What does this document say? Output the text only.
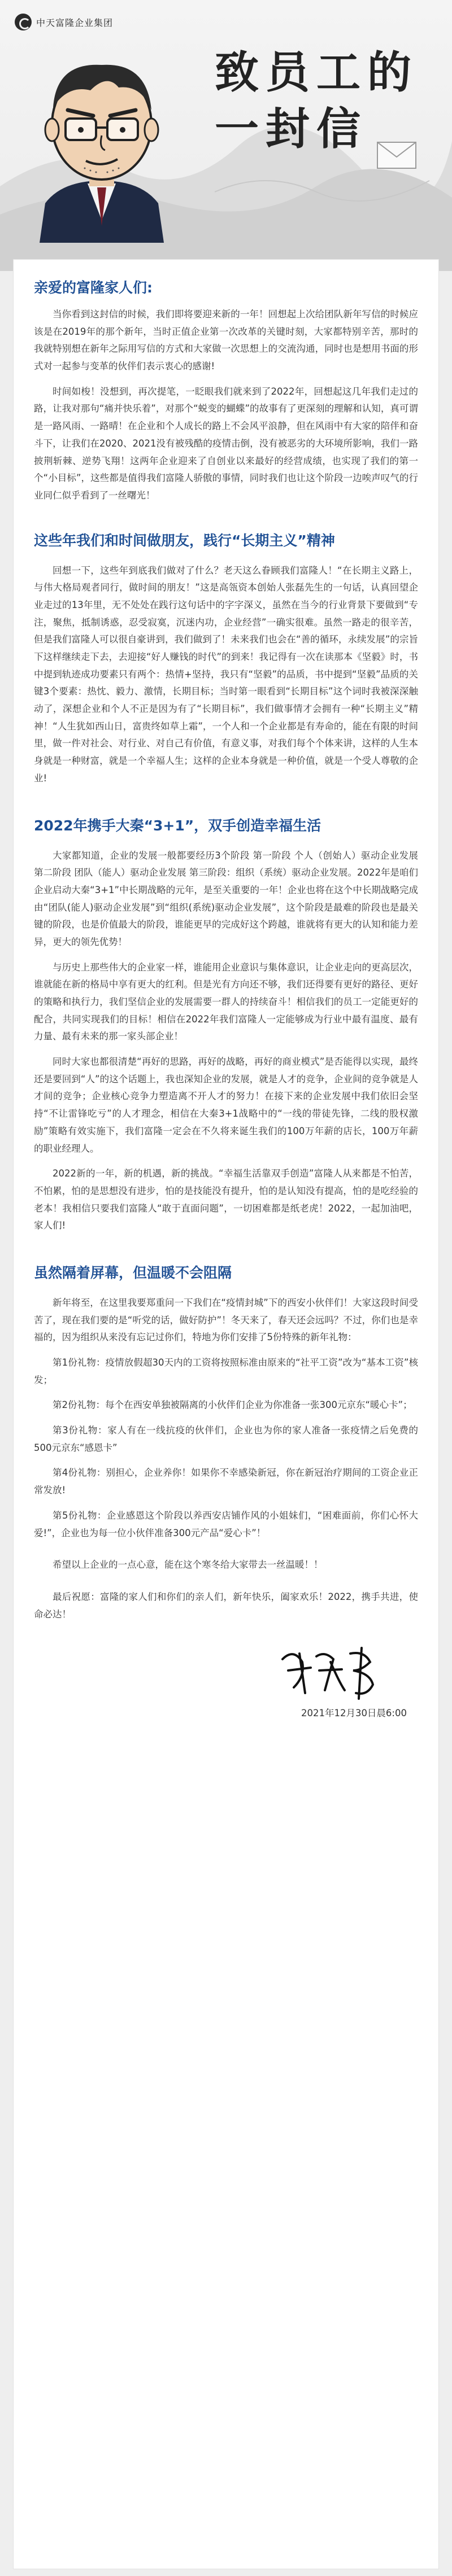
中天富隆企业集团
致员工的
一封信
亲爱的富隆家人们:

当你看到这封信的时候，我们即将要迎来新的一年！回想起上次给团队新年写信的时候应该是在2019年的那个新年，当时正值企业第一次改革的关键时刻，大家都特别辛苦，那时的我就特别想在新年之际用写信的方式和大家做一次思想上的交流沟通，同时也是想用书面的形式对一起参与变革的伙伴们表示衷心的感谢!

时间如梭！没想到，再次提笔，一眨眼我们就来到了2022年，回想起这几年我们走过的路，让我对那句“痛并快乐着”，对那个“蜕变的蝴蝶”的故事有了更深刻的理解和认知，真可谓是一路风雨、一路晴！在企业和个人成长的路上不会风平浪静，但在风雨中有大家的陪伴和奋斗下，让我们在2020、2021没有被残酷的疫情击倒，没有被恶劣的大环境所影响，我们一路披荆斩棘、逆势飞翔！这两年企业迎来了自创业以来最好的经营成绩，也实现了我们的第一个“小目标”，这些都是值得我们富隆人骄傲的事情，同时我们也让这个阶段一边唉声叹气的行业同仁似乎看到了一丝曙光！

这些年我们和时间做朋友，践行“长期主义”精神

回想一下，这些年到底我们做对了什么？老天这么眷顾我们富隆人！“在长期主义路上，与伟大格局观者同行，做时间的朋友！”这是高瓴资本创始人张磊先生的一句话，认真回望企业走过的13年里，无不处处在践行这句话中的字字深义，虽然在当今的行业背景下要做到“专注，聚焦，抵制诱惑，忍受寂寞，沉迷内功，企业经营”一确实很难。虽然一路走的很辛苦，但是我们富隆人可以很自豪讲到，我们做到了！未来我们也会在“善的循环，永续发展”的宗旨下这样继续走下去，去迎接“好人赚钱的时代”的到来！我记得有一次在读那本《坚毅》时，书中提到轨迹成功要素只有两个：热情+坚持，我只有“坚毅”的品质，书中提到“坚毅”品质的关键3个要素：热忱、毅力、激情，长期目标；当时第一眼看到“长期目标”这个词时我被深深触动了，深想企业和个人不正是因为有了“长期目标”，我们做事情才会拥有一种“长期主义”精神！“人生犹如西山日，富贵终如草上霜”，一个人和一个企业都是有寿命的，能在有限的时间里，做一件对社会、对行业、对自己有价值，有意义事，对我们每个个体来讲，这样的人生本身就是一种财富，就是一个幸福人生；这样的企业本身就是一种价值，就是一个受人尊敬的企业!

2022年携手大秦“3+1”，双手创造幸福生活

大家都知道，企业的发展一般都要经历3个阶段 第一阶段 个人（创始人）驱动企业发展 第二阶段 团队（能人）驱动企业发展 第三阶段：组织（系统）驱动企业发展。2022年是咱们企业启动大秦“3+1”中长期战略的元年，是至关重要的一年！企业也将在这个中长期战略完成 由“团队(能人)驱动企业发展”到“组织(系统)驱动企业发展”，这个阶段是最难的阶段也是最关键的阶段，也是价值最大的阶段，谁能更早的完成好这个跨越，谁就将有更大的认知和能力差异，更大的领先优势！

与历史上那些伟大的企业家一样，谁能用企业意识与集体意识，让企业走向的更高层次，谁就能在新的格局中享有更大的红利。但是光有方向还不够，我们还得要有更好的路径、更好的策略和执行力，我们坚信企业的发展需要一群人的持续奋斗！相信我们的员工一定能更好的配合，共同实现我们的目标！相信在2022年我们富隆人一定能够成为行业中最有温度、最有力量、最有未来的那一家头部企业！

同时大家也都很清楚“再好的思路，再好的战略，再好的商业模式”是否能得以实现，最终还是要回到“人”的这个话题上，我也深知企业的发展，就是人才的竞争，企业间的竞争就是人才间的竞争；企业核心竞争力塑造离不开人才的努力！在接下来的企业发展中我们依旧会坚持“不让雷锋吃亏”的人才理念，相信在大秦3+1战略中的“一线的带徒先锋，二线的股权激励”策略有效实施下，我们富隆一定会在不久将来诞生我们的100万年薪的店长，100万年薪的职业经理人。

2022新的一年，新的机遇，新的挑战。“幸福生活靠双手创造”富隆人从来都是不怕苦，不怕累，怕的是思想没有进步，怕的是技能没有提升，怕的是认知没有提高，怕的是吃经验的老本！我相信只要我们富隆人“敢于直面问题”，一切困难都是纸老虎！2022，一起加油吧，家人们!

虽然隔着屏幕，但温暖不会阻隔

新年将至，在这里我要郑重问一下我们在“疫情封城”下的西安小伙伴们！大家这段时间受苦了，现在我们要的是“听党的话，做好防护”！冬天来了，春天还会远吗？不过，你们也是幸福的，因为组织从来没有忘记过你们，特地为你们安排了5份特殊的新年礼物：

第1份礼物：疫情放假超30天内的工资将按照标准由原来的“社平工资”改为“基本工资”核发；

第2份礼物：每个在西安单独被隔离的小伙伴们企业为你准备一张300元京东“暖心卡”；

第3份礼物：家人有在一线抗疫的伙伴们，企业也为你的家人准备一张疫情之后免费的500元京东“感恩卡”

第4份礼物：别担心，企业养你！如果你不幸感染新冠，你在新冠治疗期间的工资企业正常发放!

第5份礼物：企业感恩这个阶段以养西安店铺作风的小姐妹们，“困难面前，你们心怀大爱!”，企业也为每一位小伙伴准备300元产品“爱心卡”！

希望以上企业的一点心意，能在这个寒冬给大家带去一丝温暖！！

最后祝愿：富隆的家人们和你们的亲人们，新年快乐，阖家欢乐！2022，携手共进，使命必达！

2021年12月30日晨6:00
